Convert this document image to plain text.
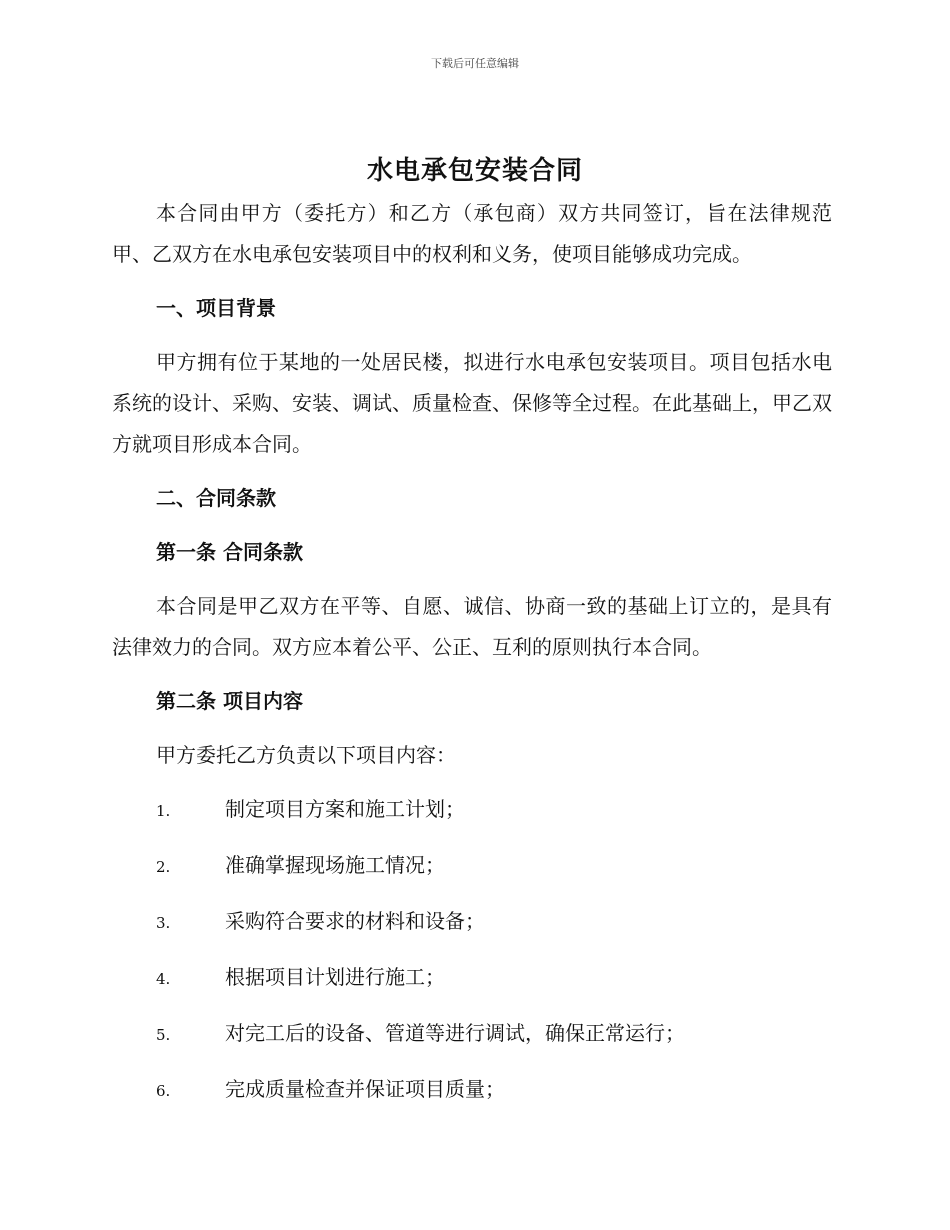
下载后可任意编辑
水电承包安装合同

本合同由甲方（委托方）和乙方（承包商）双方共同签订，旨在法律规范甲、乙双方在水电承包安装项目中的权利和义务，使项目能够成功完成。

一、项目背景

甲方拥有位于某地的一处居民楼，拟进行水电承包安装项目。项目包括水电系统的设计、采购、安装、调试、质量检查、保修等全过程。在此基础上，甲乙双方就项目形成本合同。

二、合同条款
第一条 合同条款

本合同是甲乙双方在平等、自愿、诚信、协商一致的基础上订立的，是具有法律效力的合同。双方应本着公平、公正、互利的原则执行本合同。

第二条 项目内容

甲方委托乙方负责以下项目内容：

1.	制定项目方案和施工计划；
2.	准确掌握现场施工情况；
3.	采购符合要求的材料和设备；
4.	根据项目计划进行施工；
5.	对完工后的设备、管道等进行调试，确保正常运行；
6.	完成质量检查并保证项目质量；
